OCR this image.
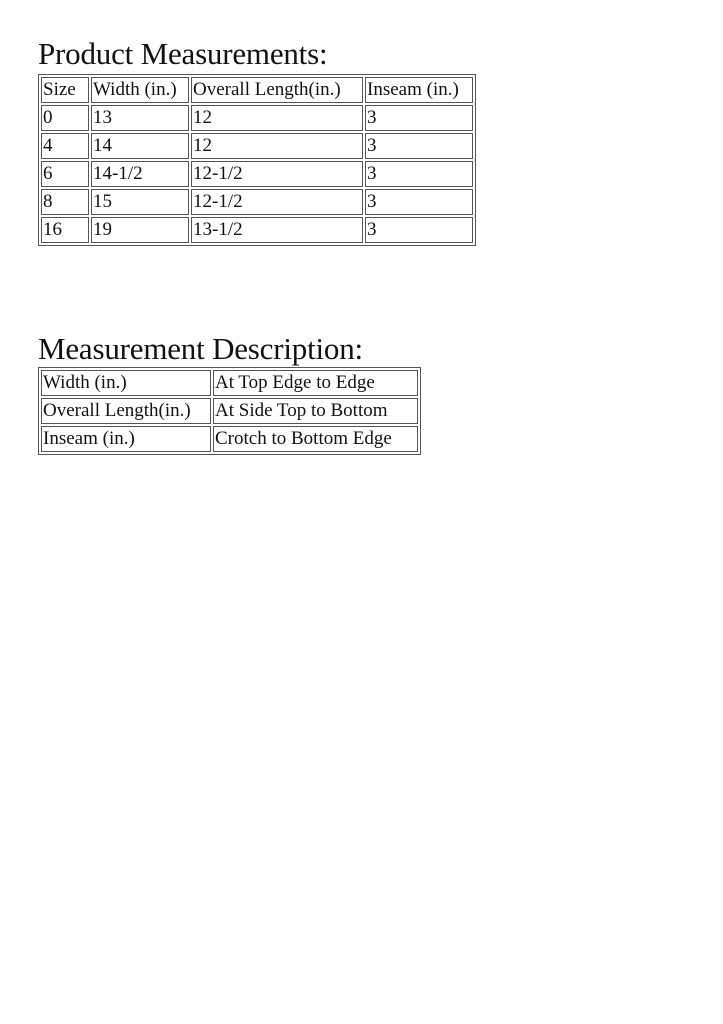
Product Measurements:
Size	Width (in.)	Overall Length(in.)	Inseam (in.)
0	13	12	3
4	14	12	3
6	14-1/2	12-1/2	3
8	15	12-1/2	3
16	19	13-1/2	3
Measurement Description:
Width (in.)	At Top Edge to Edge
Overall Length(in.)	At Side Top to Bottom
Inseam (in.)	Crotch to Bottom Edge
